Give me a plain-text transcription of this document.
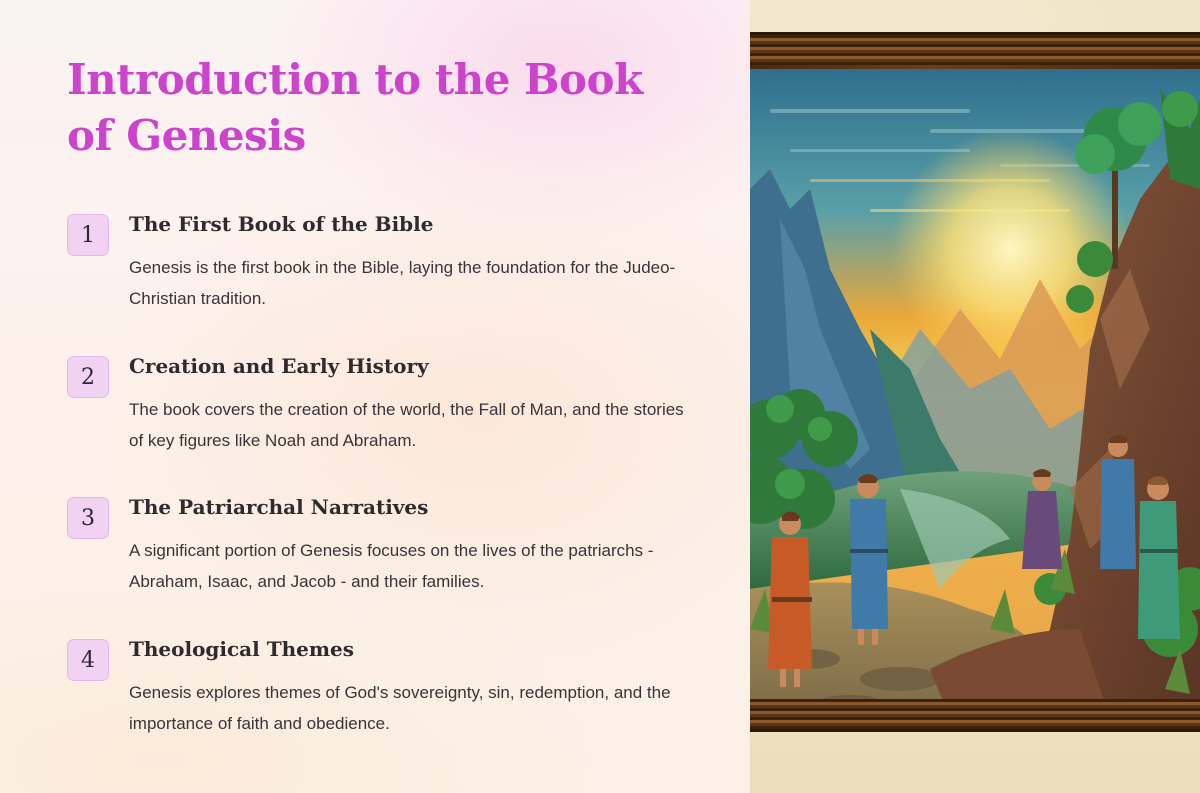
Introduction to the Book of Genesis
1	The First Book of the Bible
Genesis is the first book in the Bible, laying the foundation for the Judeo-Christian tradition.
2	Creation and Early History
The book covers the creation of the world, the Fall of Man, and the stories of key figures like Noah and Abraham.
3	The Patriarchal Narratives
A significant portion of Genesis focuses on the lives of the patriarchs - Abraham, Isaac, and Jacob - and their families.
4	Theological Themes
Genesis explores themes of God's sovereignty, sin, redemption, and the importance of faith and obedience.
